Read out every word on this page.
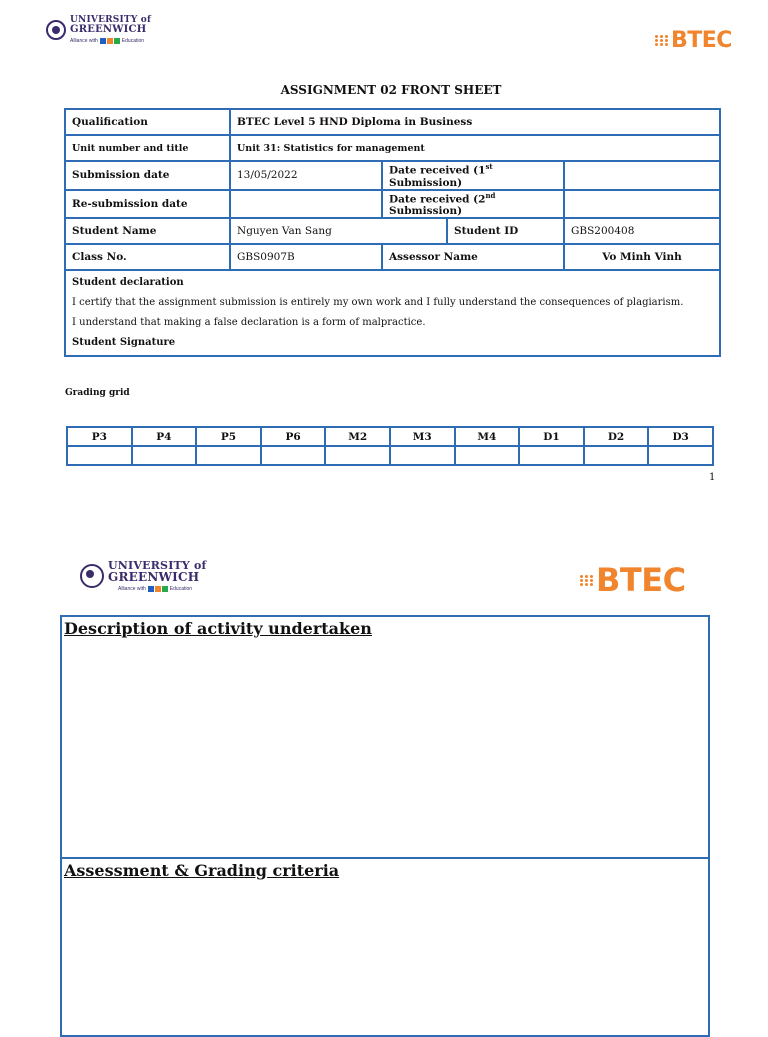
UNIVERSITY of
GREENWICH
Alliance with	Education	BTEC
ASSIGNMENT 02 FRONT SHEET
Qualification	BTEC Level 5 HND Diploma in Business			
Unit number and title	Unit 31: Statistics for management			
Submission date	13/05/2022	Date received (1st Submission)		
Re-submission date		Date received (2nd Submission)		
Student Name	Nguyen Van Sang		Student ID	GBS200408
Class No.	GBS0907B	Assessor Name		Vo Minh Vinh

Student declaration
I certify that the assignment submission is entirely my own work and I fully understand the consequences of plagiarism.
I understand that making a false declaration is a form of malpractice.
Student Signature				
Grading grid
P3	P4	P5	P6	M2	M3	M4	D1	D2	D3

1
UNIVERSITY of
GREENWICH
Alliance with	Education	BTEC
Description of activity undertaken
Assessment & Grading criteria
